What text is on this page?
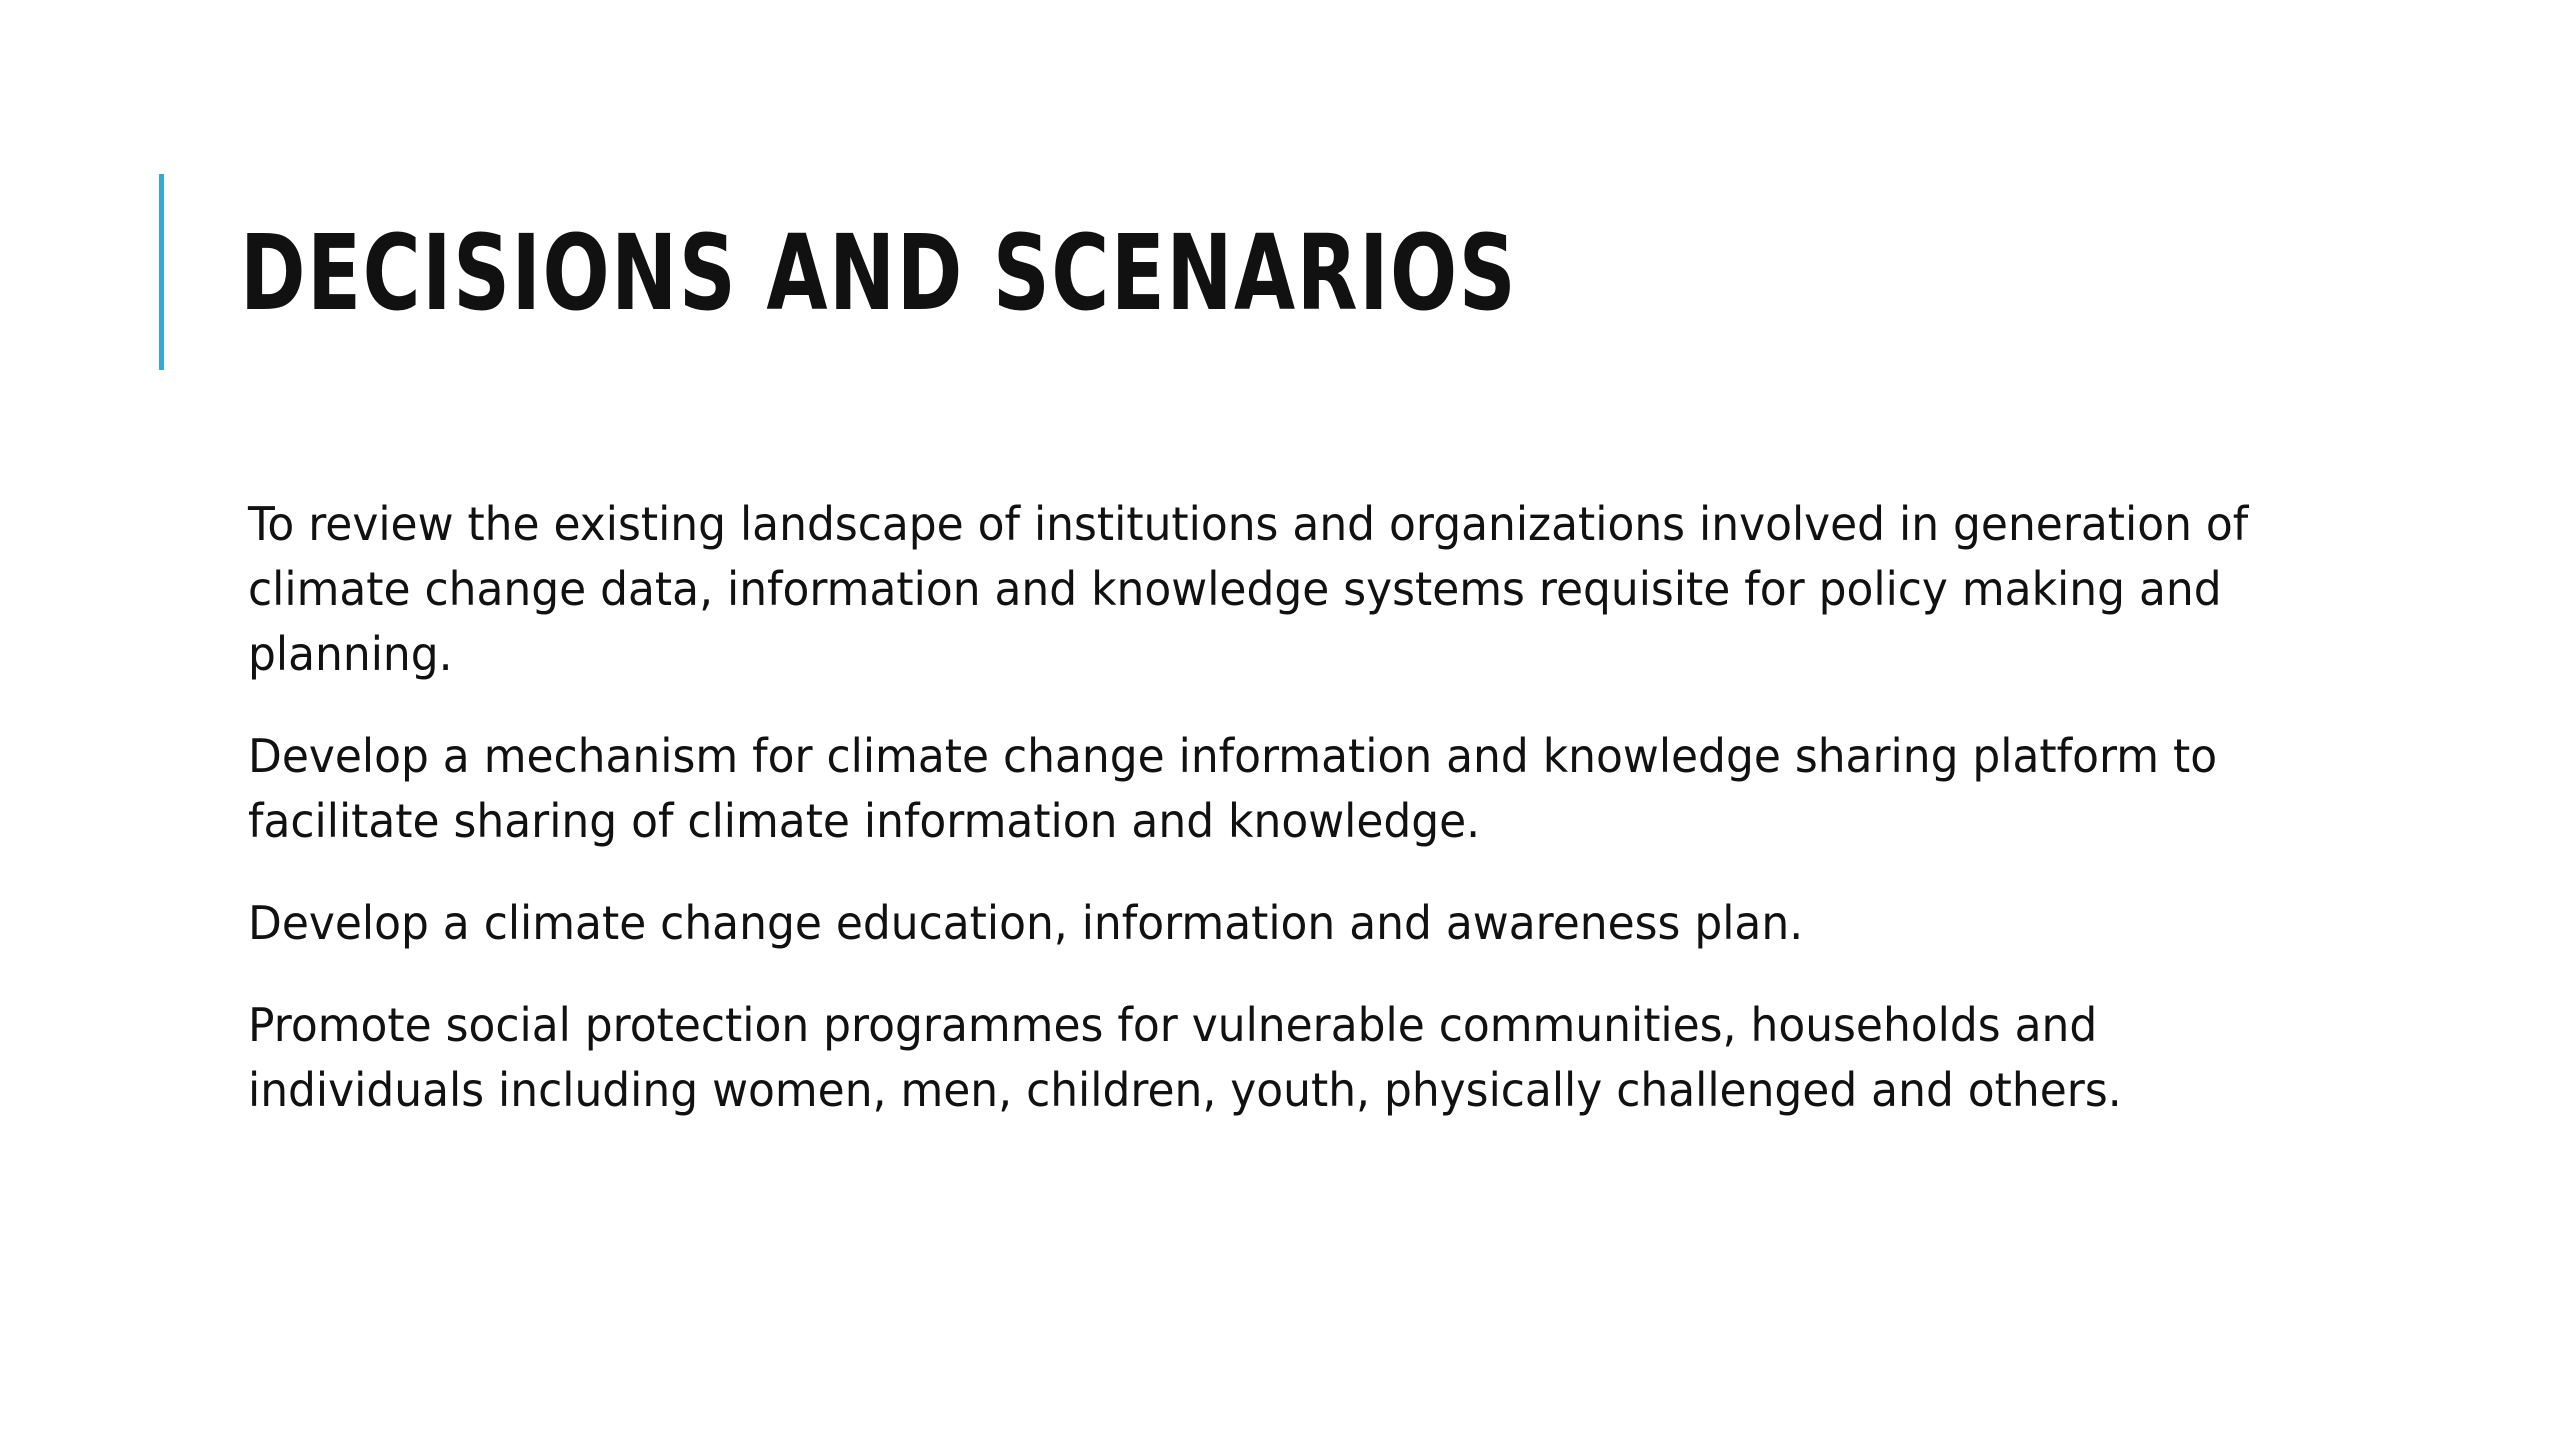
DECISIONS AND SCENARIOS

To review the existing landscape of institutions and organizations involved in generation of climate change data, information and knowledge systems requisite for policy making and planning.

Develop a mechanism for climate change information and knowledge sharing platform to facilitate sharing of climate information and knowledge.

Develop a climate change education, information and awareness plan.

Promote social protection programmes for vulnerable communities, households and individuals including women, men, children, youth, physically challenged and others.
